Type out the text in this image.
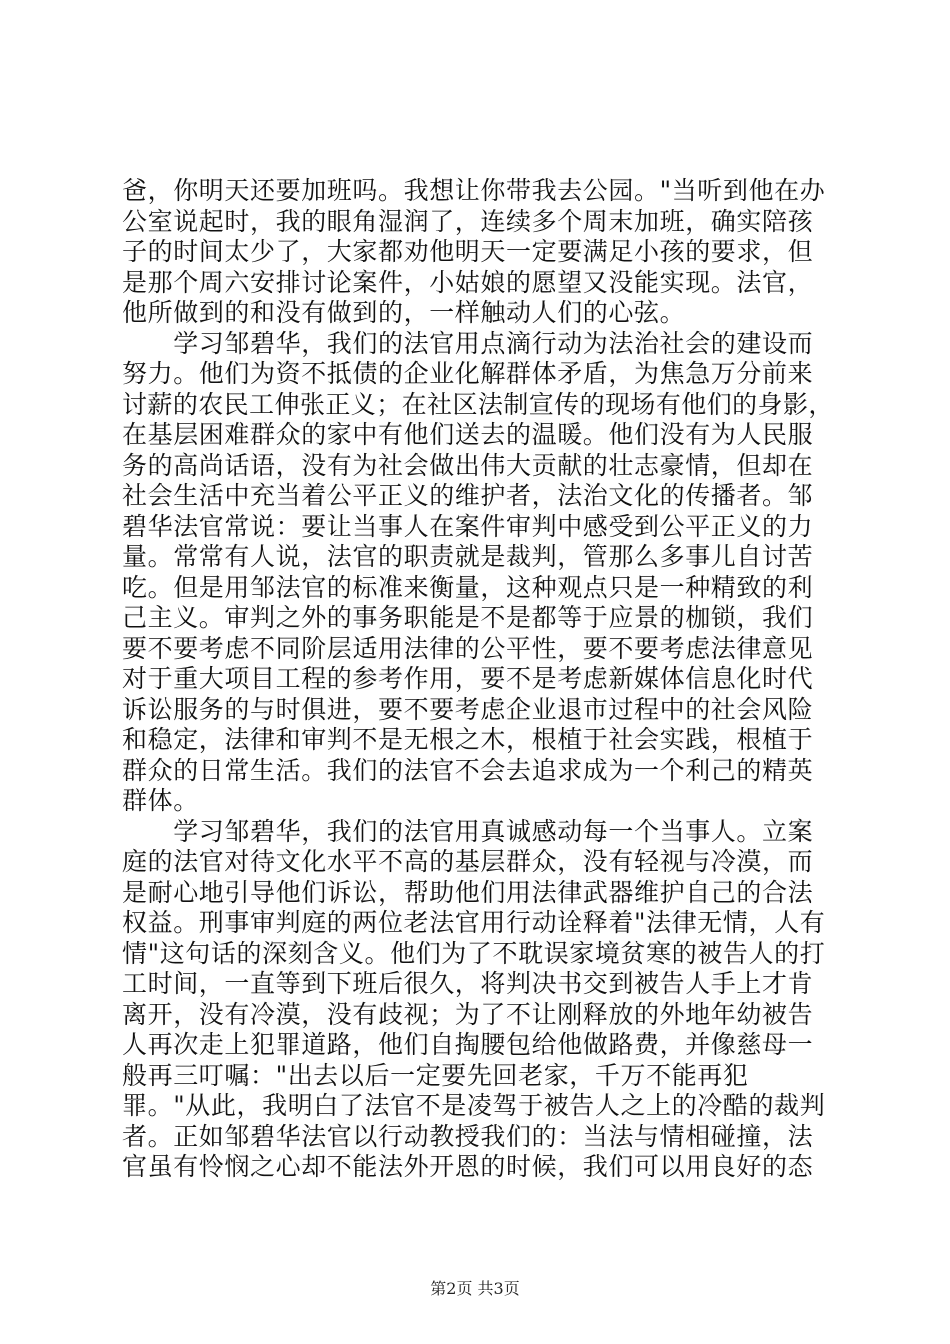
爸，你明天还要加班吗。我想让你带我去公园。"当听到他在办
公室说起时，我的眼角湿润了，连续多个周末加班，确实陪孩
子的时间太少了，大家都劝他明天一定要满足小孩的要求，但
是那个周六安排讨论案件，小姑娘的愿望又没能实现。法官，
他所做到的和没有做到的，一样触动人们的心弦。
　　学习邹碧华，我们的法官用点滴行动为法治社会的建设而
努力。他们为资不抵债的企业化解群体矛盾，为焦急万分前来
讨薪的农民工伸张正义；在社区法制宣传的现场有他们的身影，
在基层困难群众的家中有他们送去的温暖。他们没有为人民服
务的高尚话语，没有为社会做出伟大贡献的壮志豪情，但却在
社会生活中充当着公平正义的维护者，法治文化的传播者。邹
碧华法官常说：要让当事人在案件审判中感受到公平正义的力
量。常常有人说，法官的职责就是裁判，管那么多事儿自讨苦
吃。但是用邹法官的标准来衡量，这种观点只是一种精致的利
己主义。审判之外的事务职能是不是都等于应景的枷锁，我们
要不要考虑不同阶层适用法律的公平性，要不要考虑法律意见
对于重大项目工程的参考作用，要不是考虑新媒体信息化时代
诉讼服务的与时俱进，要不要考虑企业退市过程中的社会风险
和稳定，法律和审判不是无根之木，根植于社会实践，根植于
群众的日常生活。我们的法官不会去追求成为一个利己的精英
群体。
　　学习邹碧华，我们的法官用真诚感动每一个当事人。立案
庭的法官对待文化水平不高的基层群众，没有轻视与冷漠，而
是耐心地引导他们诉讼，帮助他们用法律武器维护自己的合法
权益。刑事审判庭的两位老法官用行动诠释着"法律无情，人有
情"这句话的深刻含义。他们为了不耽误家境贫寒的被告人的打
工时间，一直等到下班后很久，将判决书交到被告人手上才肯
离开，没有冷漠，没有歧视；为了不让刚释放的外地年幼被告
人再次走上犯罪道路，他们自掏腰包给他做路费，并像慈母一
般再三叮嘱："出去以后一定要先回老家，千万不能再犯
罪。"从此，我明白了法官不是凌驾于被告人之上的冷酷的裁判
者。正如邹碧华法官以行动教授我们的：当法与情相碰撞，法
官虽有怜悯之心却不能法外开恩的时候，我们可以用良好的态
第2页 共3页
